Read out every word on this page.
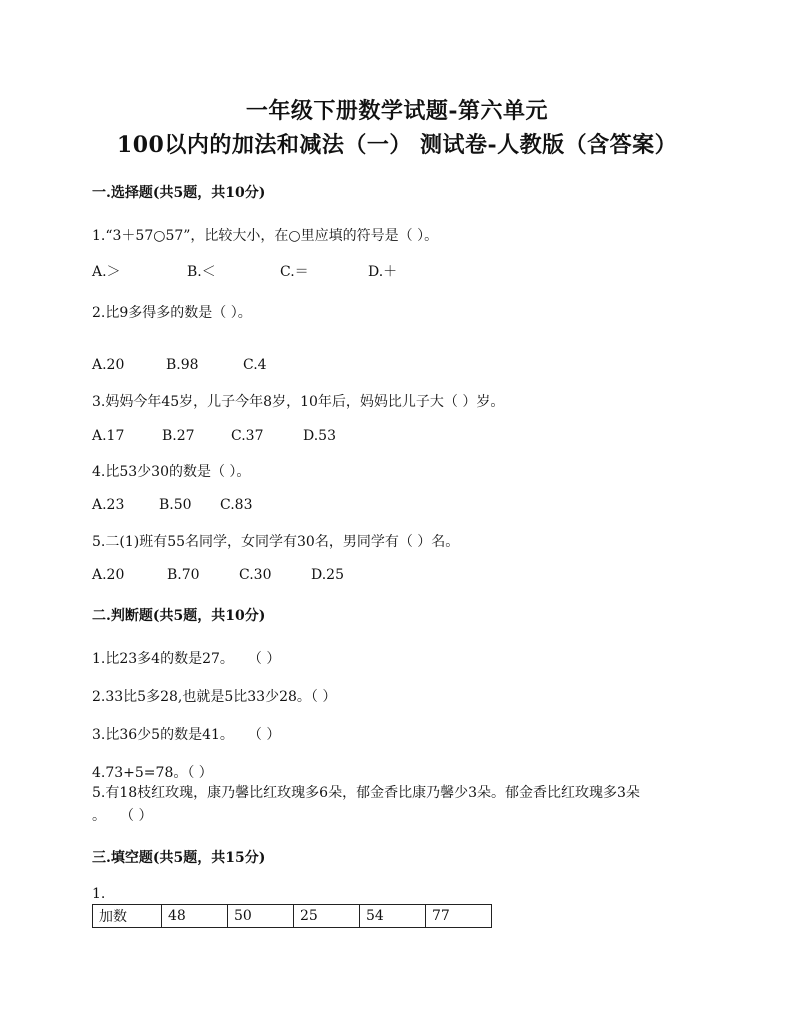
一年级下册数学试题-第六单元
100以内的加法和减法（一） 测试卷-人教版（含答案）
一.选择题(共5题，共10分)
1.“3＋57○57”，比较大小，在○里应填的符号是（ ）。
A.＞	B.＜	C.＝	D.＋
2.比9多得多的数是（ ）。
A.20	B.98	C.4
3.妈妈今年45岁，儿子今年8岁，10年后，妈妈比儿子大（ ）岁。
A.17	B.27	C.37	D.53
4.比53少30的数是（ ）。
A.23 B.50 C.83
5.二(1)班有55名同学，女同学有30名，男同学有（ ）名。
A.20	B.70	C.30	D.25
二.判断题(共5题，共10分)
1.比23多4的数是27。　　（ ）
2.33比5多28,也就是5比33少28。（ ）
3.比36少5的数是41。　　（ ）
4.73+5=78。（ ）
5.有18枝红玫瑰，康乃馨比红玫瑰多6朵，郁金香比康乃馨少3朵。郁金香比红玫瑰多3朵
。　　（ ）
三.填空题(共5题，共15分)
1.
加数	48	50	25	54	77
